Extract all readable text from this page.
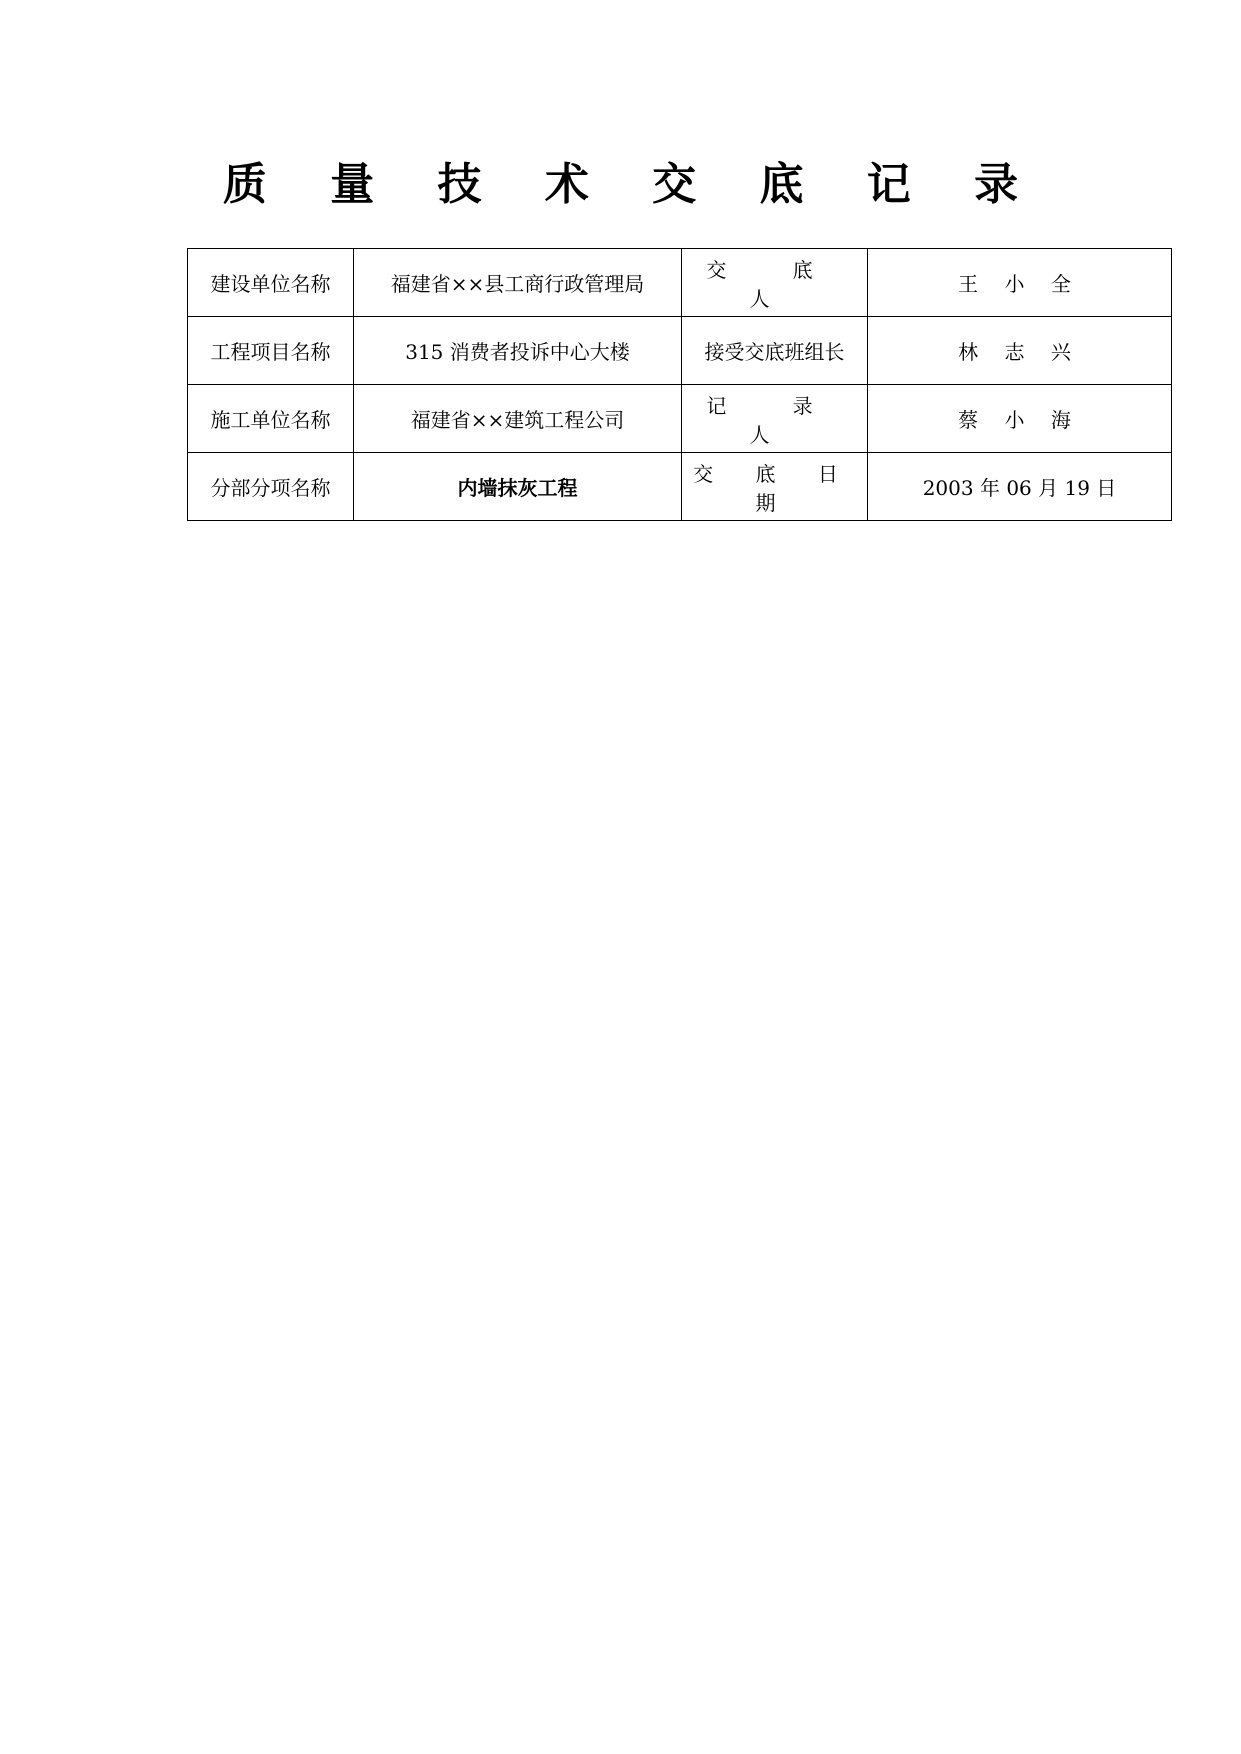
质 量 技 术 交 底 记 录
建设单位名称	福建省××县工商行政管理局	交 底 人	王 小 全
工程项目名称	315 消费者投诉中心大楼	接受交底班组长	林 志 兴
施工单位名称	福建省××建筑工程公司	记 录 人	蔡 小 海
分部分项名称	内墙抹灰工程	交 底 日 期	2003 年 06 月 19 日
